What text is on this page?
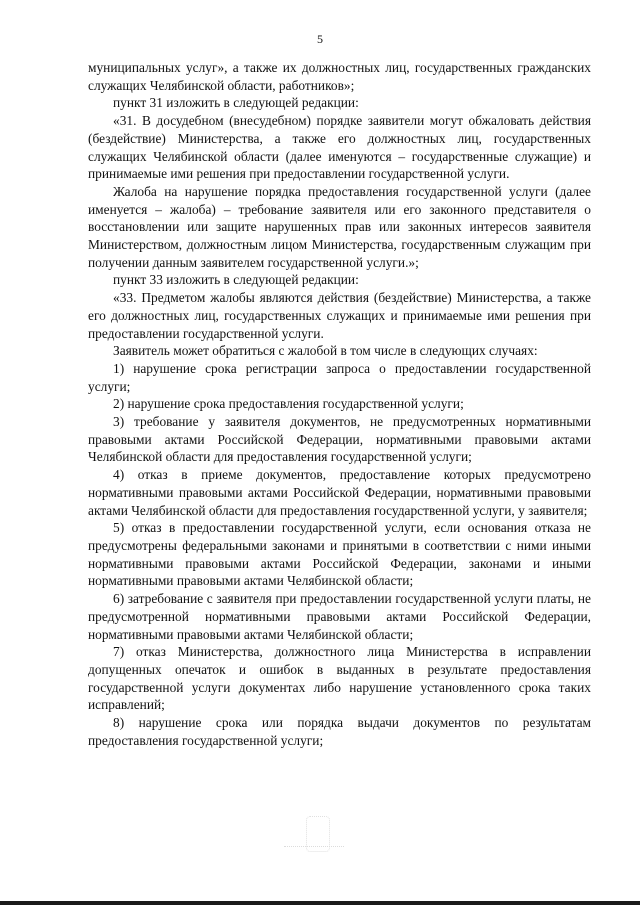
5

муниципальных услуг», а также их должностных лиц, государственных гражданских служащих Челябинской области, работников»;

пункт 31 изложить в следующей редакции:

«31. В досудебном (внесудебном) порядке заявители могут обжаловать действия (бездействие) Министерства, а также его должностных лиц, государственных служащих Челябинской области (далее именуются – государственные служащие) и принимаемые ими решения при предоставлении государственной услуги.

Жалоба на нарушение порядка предоставления государственной услуги (далее именуется – жалоба) – требование заявителя или его законного представителя о восстановлении или защите нарушенных прав или законных интересов заявителя Министерством, должностным лицом Министерства, государственным служащим при получении данным заявителем государственной услуги.»;

пункт 33 изложить в следующей редакции:

«33. Предметом жалобы являются действия (бездействие) Министерства, а также его должностных лиц, государственных служащих и принимаемые ими решения при предоставлении государственной услуги.

Заявитель может обратиться с жалобой в том числе в следующих случаях:

1) нарушение срока регистрации запроса о предоставлении государственной услуги;

2) нарушение срока предоставления государственной услуги;

3) требование у заявителя документов, не предусмотренных нормативными правовыми актами Российской Федерации, нормативными правовыми актами Челябинской области для предоставления государственной услуги;

4) отказ в приеме документов, предоставление которых предусмотрено нормативными правовыми актами Российской Федерации, нормативными правовыми актами Челябинской области для предоставления государственной услуги, у заявителя;

5) отказ в предоставлении государственной услуги, если основания отказа не предусмотрены федеральными законами и принятыми в соответствии с ними иными нормативными правовыми актами Российской Федерации, законами и иными нормативными правовыми актами Челябинской области;

6) затребование с заявителя при предоставлении государственной услуги платы, не предусмотренной нормативными правовыми актами Российской Федерации, нормативными правовыми актами Челябинской области;

7) отказ Министерства, должностного лица Министерства в исправлении допущенных опечаток и ошибок в выданных в результате предоставления государственной услуги документах либо нарушение установленного срока таких исправлений;

8) нарушение срока или порядка выдачи документов по результатам предоставления государственной услуги;
